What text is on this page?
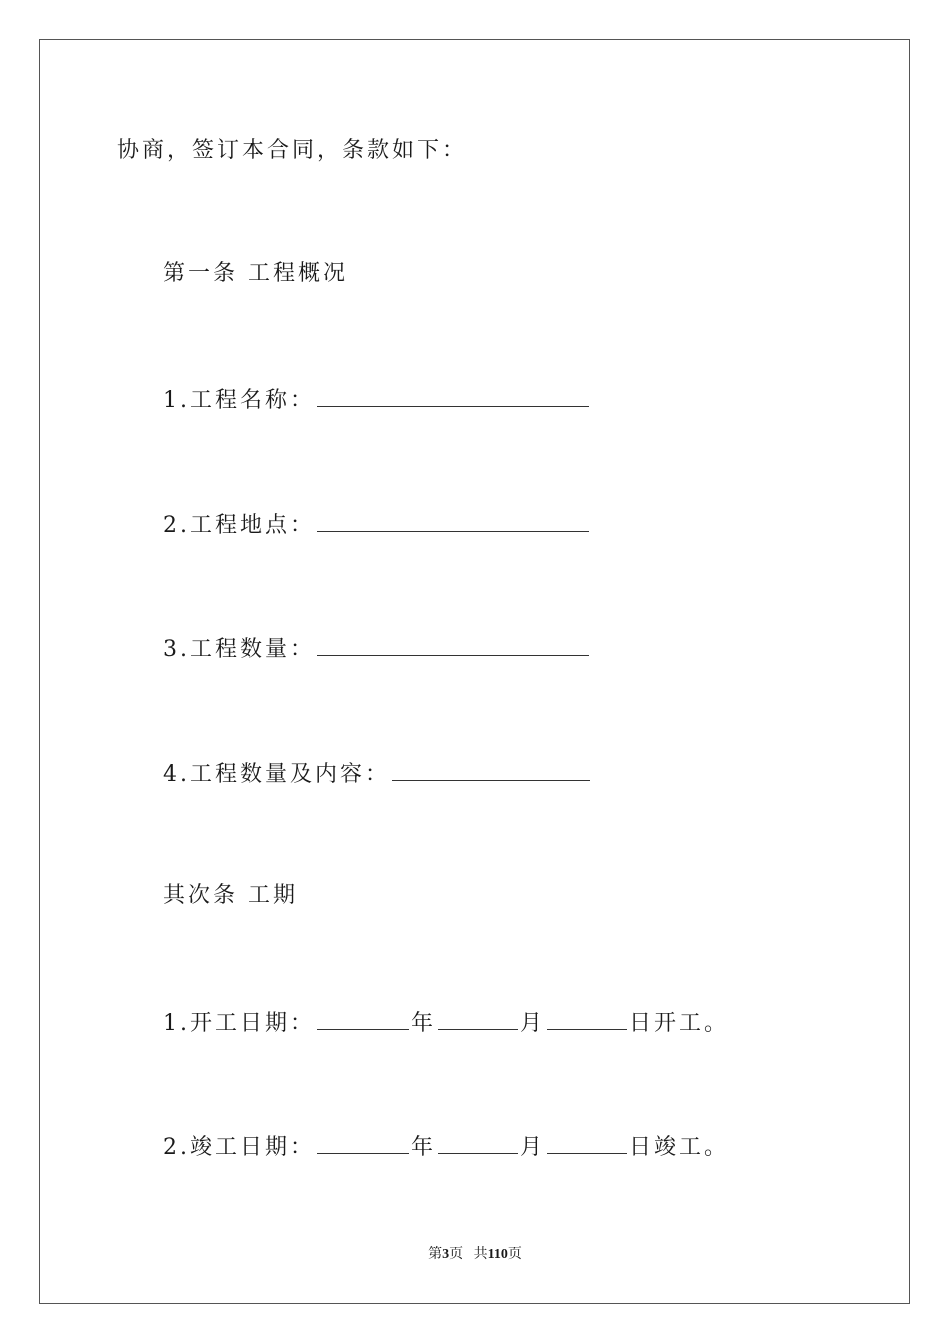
协商，签订本合同，条款如下：
第一条 工程概况
1.工程名称：
2.工程地点：
3.工程数量：
4.工程数量及内容：
其次条 工期
1.开工日期：	年	月	日开工。
2.竣工日期：	年	月	日竣工。
第3页 共110页
